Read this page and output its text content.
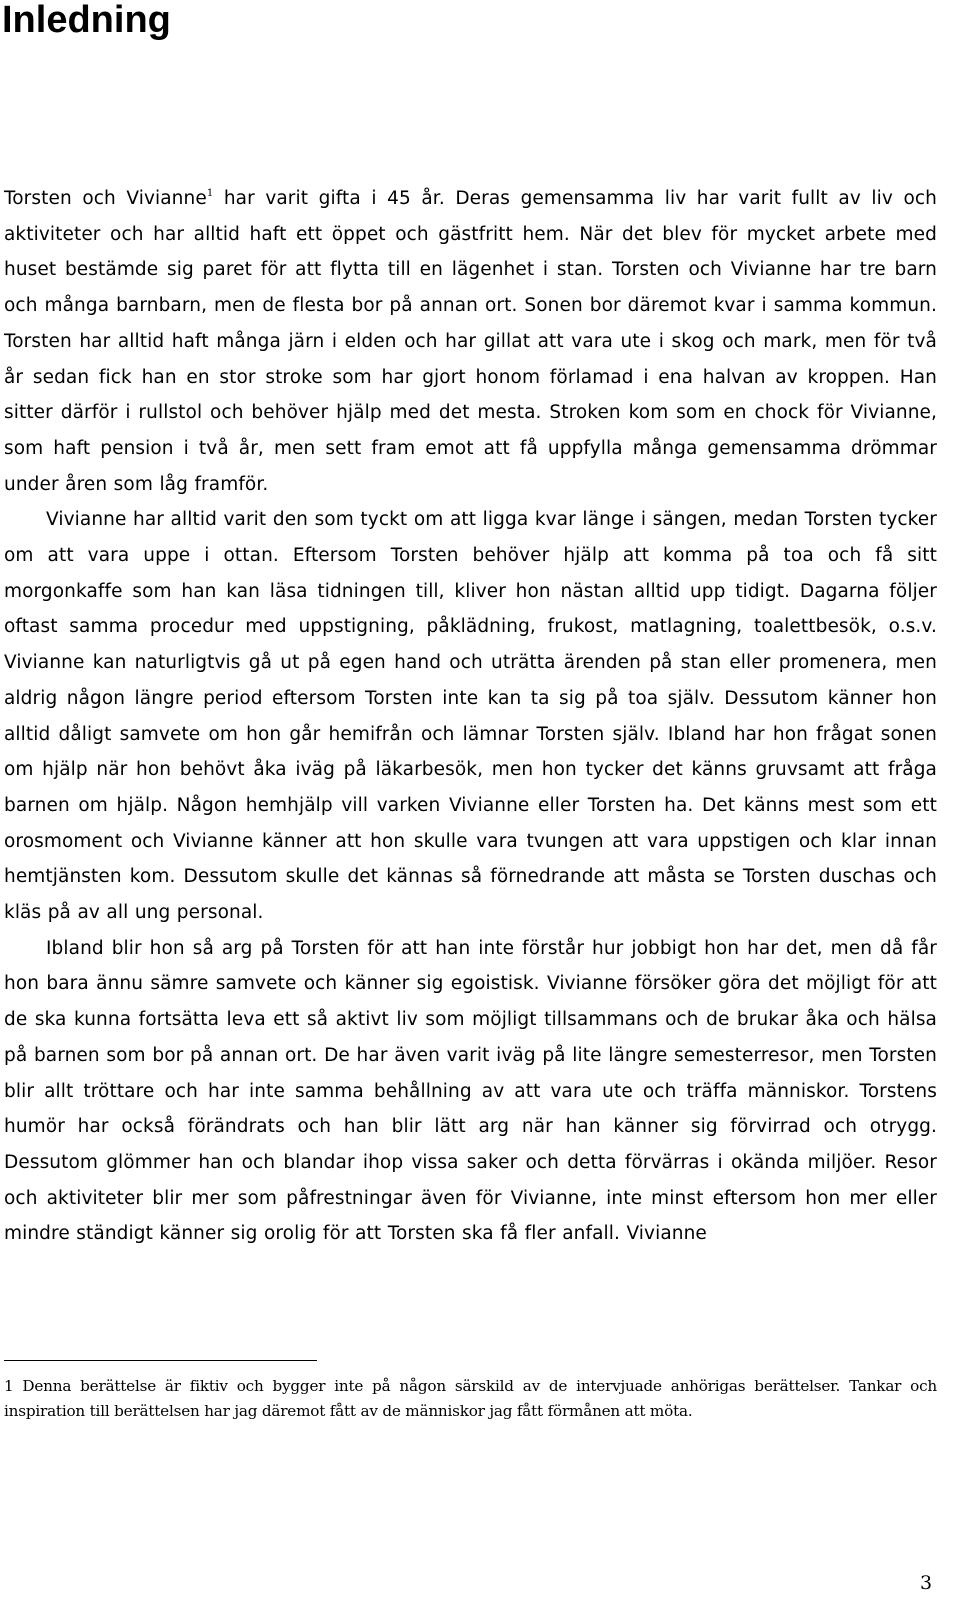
Inledning

Torsten och Vivianne$^1$ har varit gifta i 45 år. Deras gemensamma liv har varit fullt av liv och aktiviteter och har alltid haft ett öppet och gästfritt hem. När det blev för mycket arbete med huset bestämde sig paret för att flytta till en lägenhet i stan. Torsten och Vivianne har tre barn och många barnbarn, men de flesta bor på annan ort. Sonen bor däremot kvar i samma kommun. Torsten har alltid haft många järn i elden och har gillat att vara ute i skog och mark, men för två år sedan fick han en stor stroke som har gjort honom förlamad i ena halvan av kroppen. Han sitter därför i rullstol och behöver hjälp med det mesta. Stroken kom som en chock för Vivianne, som haft pension i två år, men sett fram emot att få uppfylla många gemensamma drömmar under åren som låg framför.

Vivianne har alltid varit den som tyckt om att ligga kvar länge i sängen, medan Torsten tycker om att vara uppe i ottan. Eftersom Torsten behöver hjälp att komma på toa och få sitt morgonkaffe som han kan läsa tidningen till, kliver hon nästan alltid upp tidigt. Dagarna följer oftast samma procedur med uppstigning, påklädning, frukost, matlagning, toalettbesök, o.s.v. Vivianne kan naturligtvis gå ut på egen hand och uträtta ärenden på stan eller promenera, men aldrig någon längre period eftersom Torsten inte kan ta sig på toa själv. Dessutom känner hon alltid dåligt samvete om hon går hemifrån och lämnar Torsten själv. Ibland har hon frågat sonen om hjälp när hon behövt åka iväg på läkarbesök, men hon tycker det känns gruvsamt att fråga barnen om hjälp. Någon hemhjälp vill varken Vivianne eller Torsten ha. Det känns mest som ett orosmoment och Vivianne känner att hon skulle vara tvungen att vara uppstigen och klar innan hemtjänsten kom. Dessutom skulle det kännas så förnedrande att måsta se Torsten duschas och kläs på av all ung personal.

Ibland blir hon så arg på Torsten för att han inte förstår hur jobbigt hon har det, men då får hon bara ännu sämre samvete och känner sig egoistisk. Vivianne försöker göra det möjligt för att de ska kunna fortsätta leva ett så aktivt liv som möjligt tillsammans och de brukar åka och hälsa på barnen som bor på annan ort. De har även varit iväg på lite längre semesterresor, men Torsten blir allt tröttare och har inte samma behållning av att vara ute och träffa människor. Torstens humör har också förändrats och han blir lätt arg när han känner sig förvirrad och otrygg. Dessutom glömmer han och blandar ihop vissa saker och detta förvärras i okända miljöer. Resor och aktiviteter blir mer som påfrestningar även för Vivianne, inte minst eftersom hon mer eller mindre ständigt känner sig orolig för att Torsten ska få fler anfall. Vivianne

1 Denna berättelse är fiktiv och bygger inte på någon särskild av de intervjuade anhörigas berättelser. Tankar och inspiration till berättelsen har jag däremot fått av de människor jag fått förmånen att möta.
3
